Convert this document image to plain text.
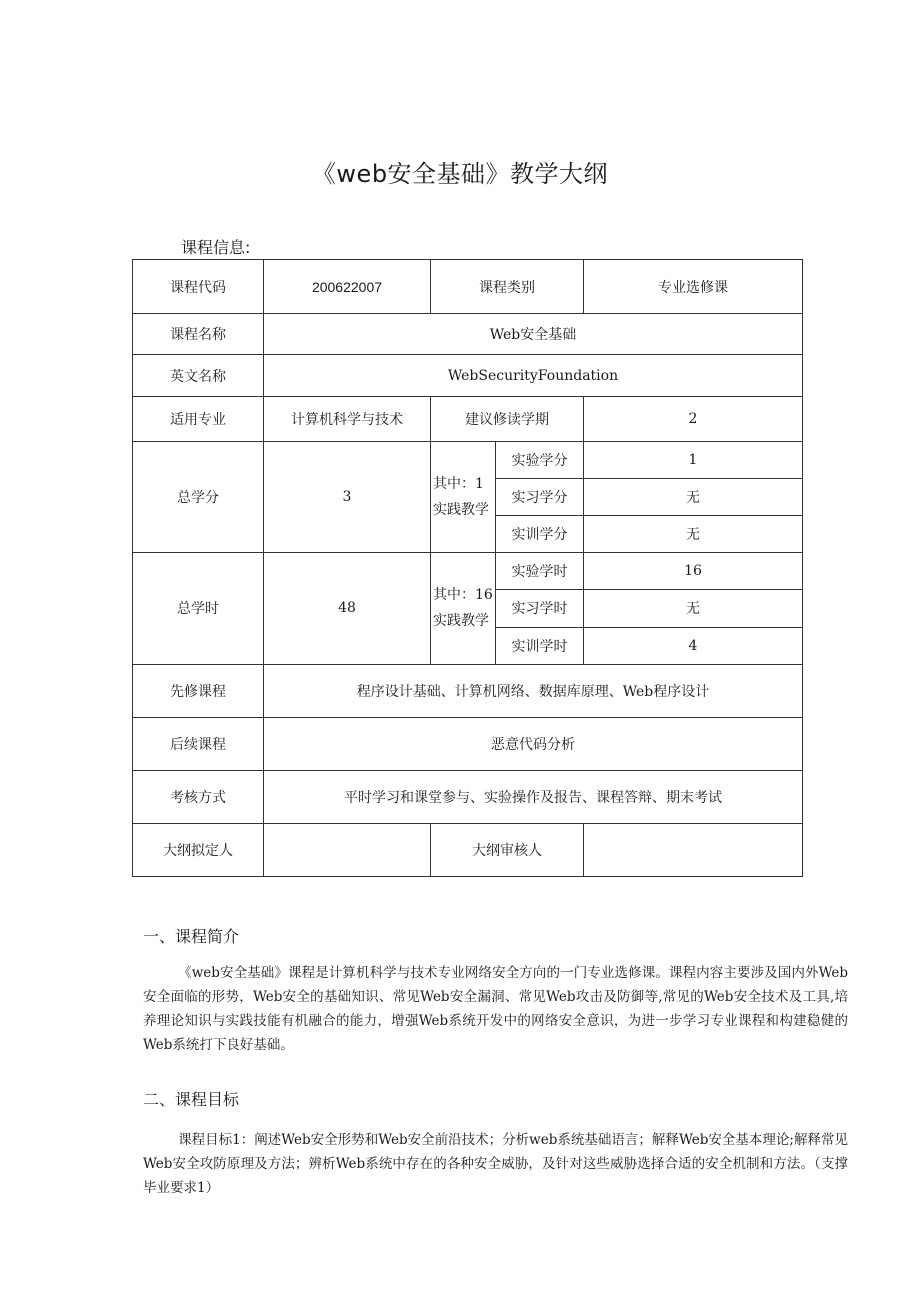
《web安全基础》教学大纲
课程信息:
课程代码	200622007	课程类别		专业选修课
课程名称	Web安全基础			
英文名称	WebSecurityFoundation			
适用专业	计算机科学与技术	建议修读学期		2
总学分	3	其中：1实践教学	实验学分	1
			实习学分	无
			实训学分	无
总学时	48	其中：16实践教学	实验学时	16
			实习学时	无
			实训学时	4
先修课程	程序设计基础、计算机网络、数据库原理、Web程序设计			
后续课程	恶意代码分析			
考核方式	平时学习和课堂参与、实验操作及报告、课程答辩、期末考试			
大纲拟定人		大纲审核人		
一、课程简介
《web安全基础》课程是计算机科学与技术专业网络安全方向的一门专业选修课。课程内容主要涉及国内外Web安全面临的形势，Web安全的基础知识、常见Web安全漏洞、常见Web攻击及防御等,常见的Web安全技术及工具,培养理论知识与实践技能有机融合的能力，增强Web系统开发中的网络安全意识，为进一步学习专业课程和构建稳健的Web系统打下良好基础。
二、课程目标
课程目标1：阐述Web安全形势和Web安全前沿技术；分析web系统基础语言；解释Web安全基本理论;解释常见Web安全攻防原理及方法；辨析Web系统中存在的各种安全威胁，及针对这些威胁选择合适的安全机制和方法。（支撑毕业要求1）
